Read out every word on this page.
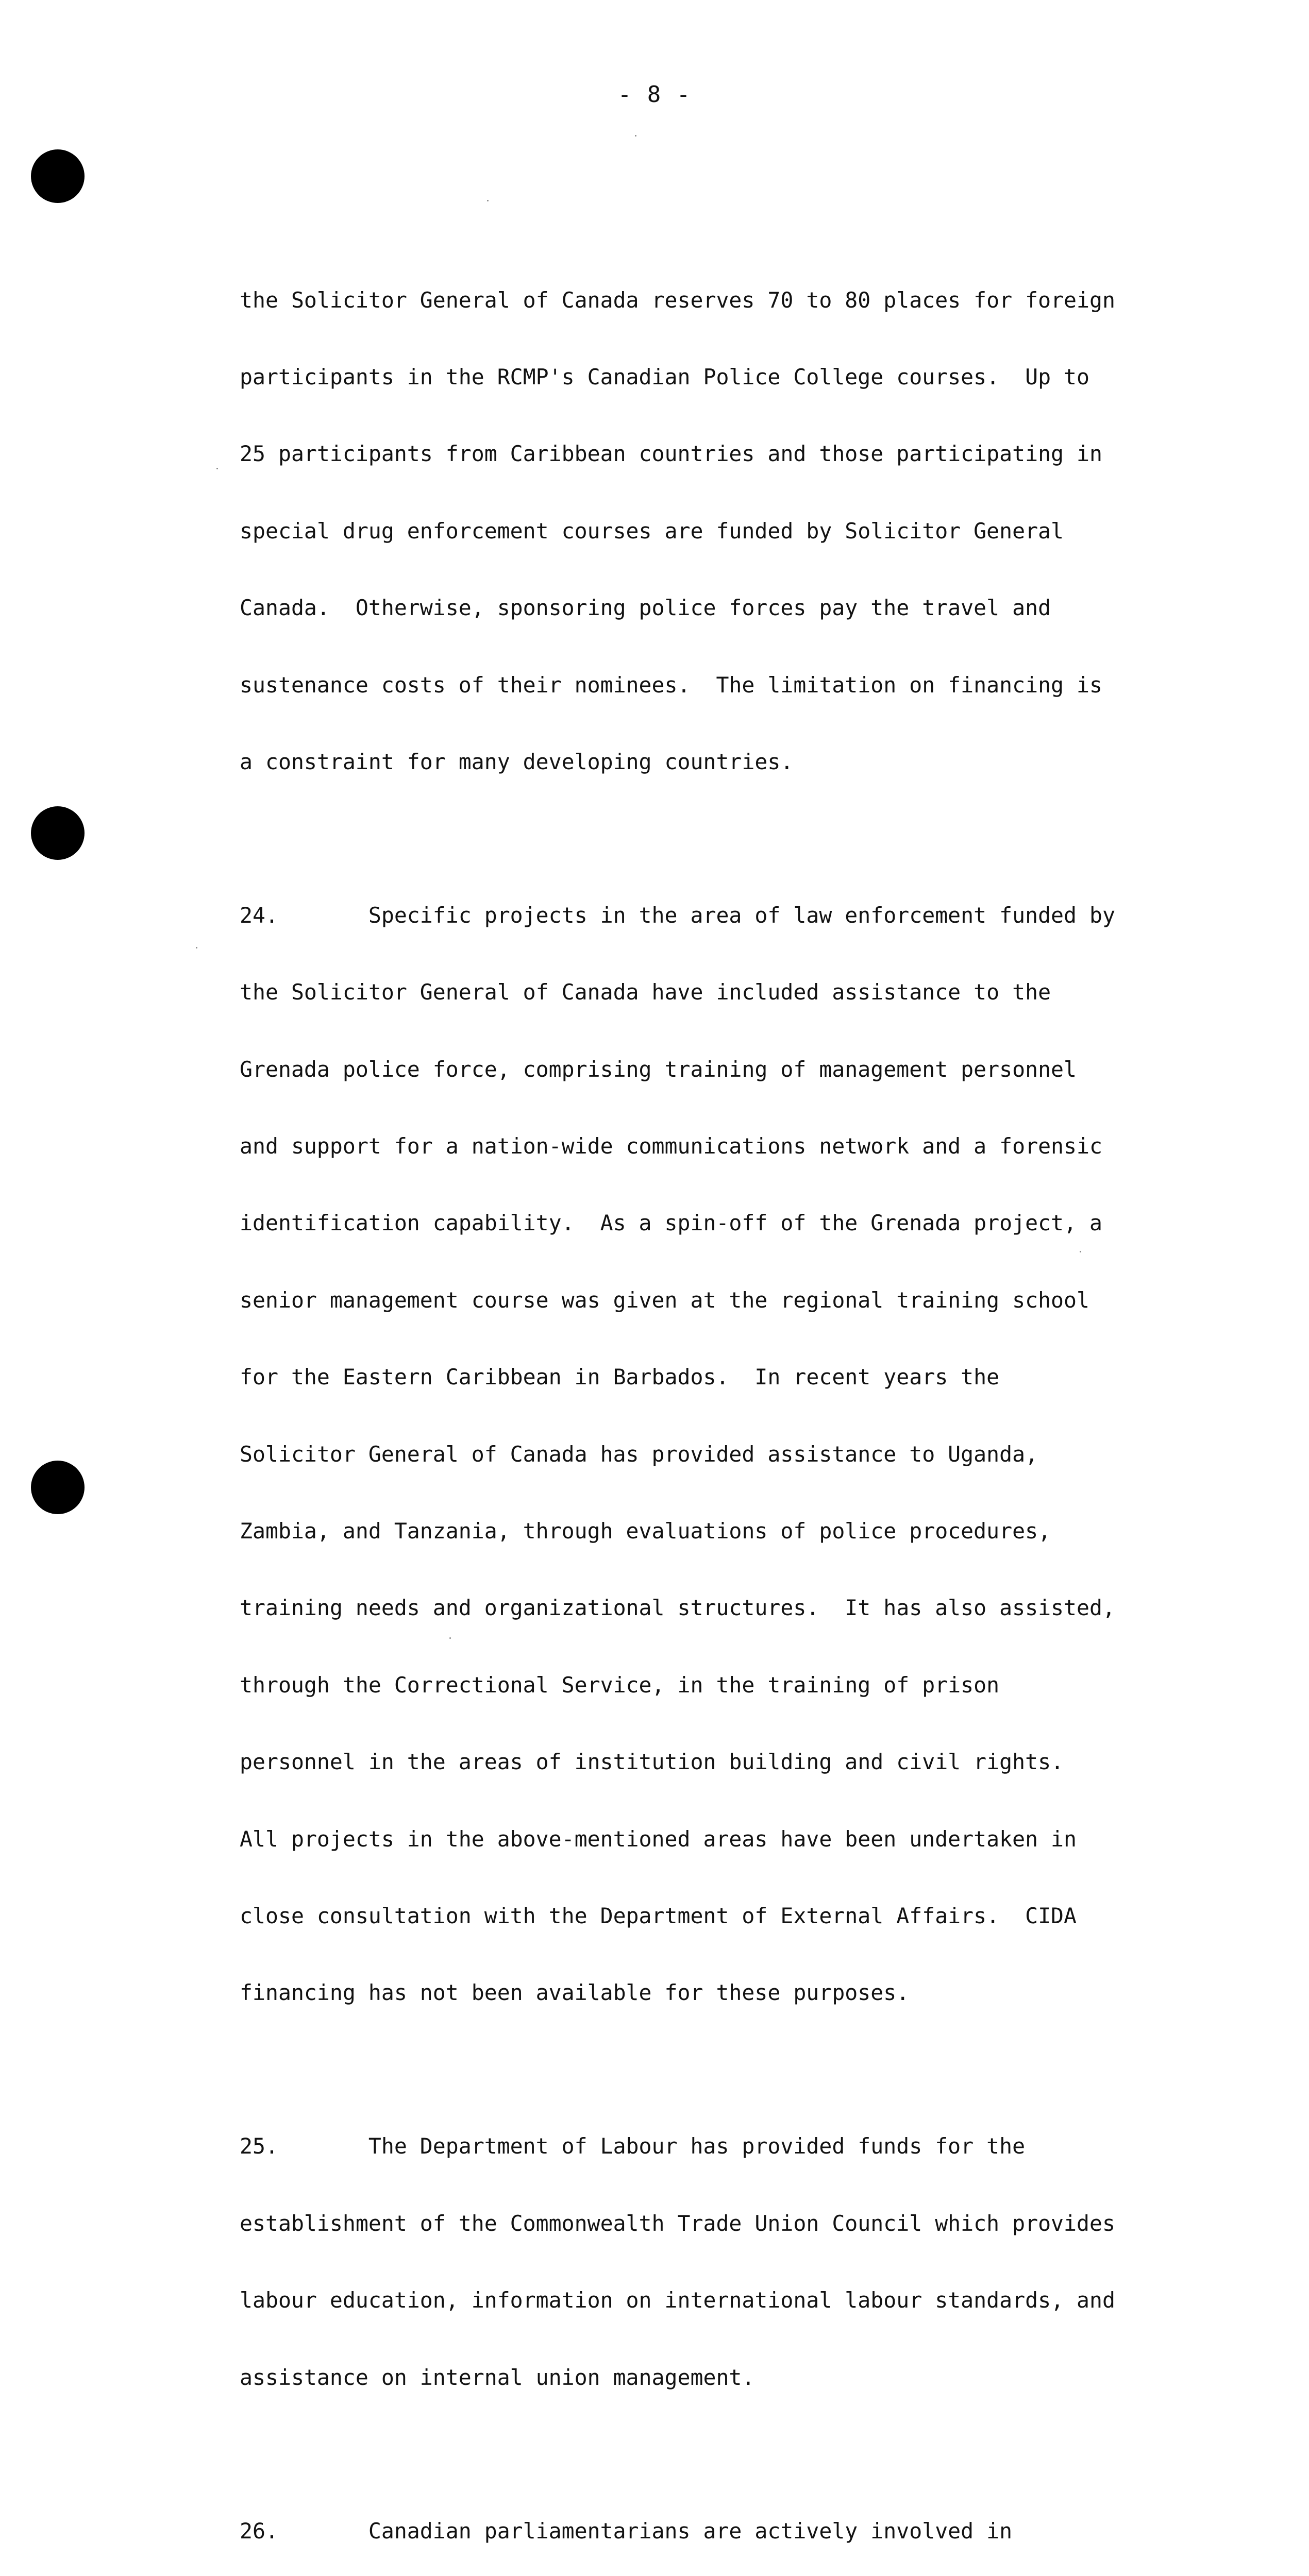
- 8 -

the Solicitor General of Canada reserves 70 to 80 places for foreign

participants in the RCMP's Canadian Police College courses.  Up to

25 participants from Caribbean countries and those participating in

special drug enforcement courses are funded by Solicitor General

Canada.  Otherwise, sponsoring police forces pay the travel and

sustenance costs of their nominees.  The limitation on financing is

a constraint for many developing countries.

24.       Specific projects in the area of law enforcement funded by

the Solicitor General of Canada have included assistance to the

Grenada police force, comprising training of management personnel

and support for a nation-wide communications network and a forensic

identification capability.  As a spin-off of the Grenada project, a

senior management course was given at the regional training school

for the Eastern Caribbean in Barbados.  In recent years the

Solicitor General of Canada has provided assistance to Uganda,

Zambia, and Tanzania, through evaluations of police procedures,

training needs and organizational structures.  It has also assisted,

through the Correctional Service, in the training of prison

personnel in the areas of institution building and civil rights.

All projects in the above-mentioned areas have been undertaken in

close consultation with the Department of External Affairs.  CIDA

financing has not been available for these purposes.

25.       The Department of Labour has provided funds for the

establishment of the Commonwealth Trade Union Council which provides

labour education, information on international labour standards, and

assistance on internal union management.

26.       Canadian parliamentarians are actively involved in
